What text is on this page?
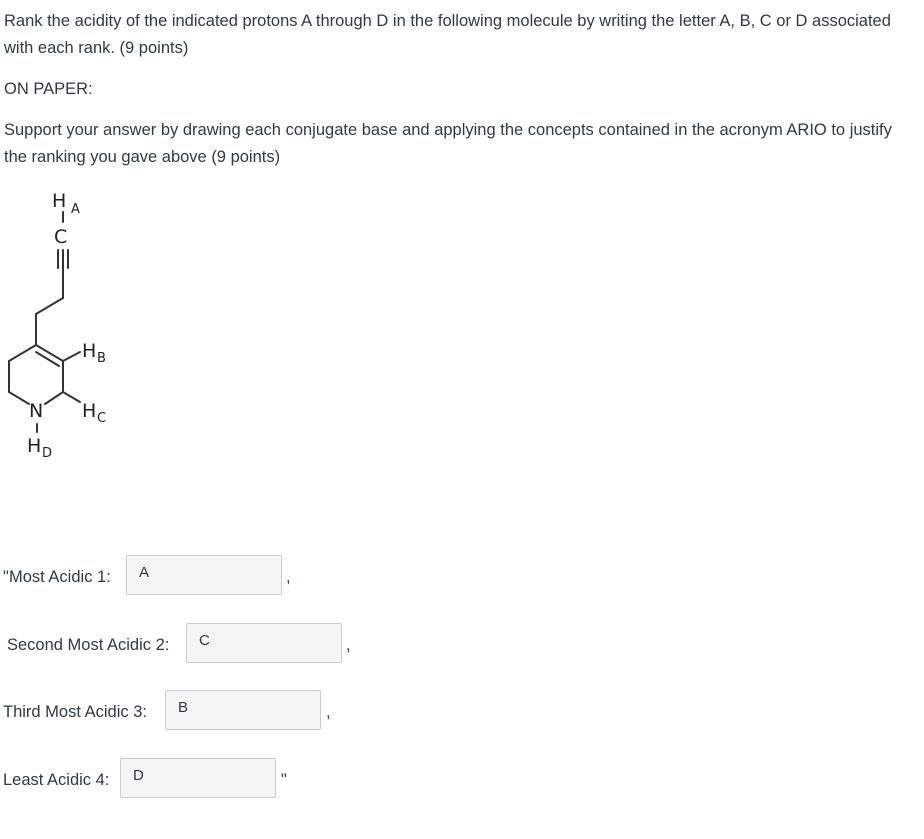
Rank the acidity of the indicated protons A through D in the following molecule by writing the letter A, B, C or D associated with each rank. (9 points)

ON PAPER:

Support your answer by drawing each conjugate base and applying the concepts contained in the acronym ARIO to justify the ranking you gave above (9 points)

H A
C
H B
H C
N
H D
" Most Acidic 1: A	,
Second Most Acidic 2: C	,
Third Most Acidic 3: B	,
Least Acidic 4: D	"
